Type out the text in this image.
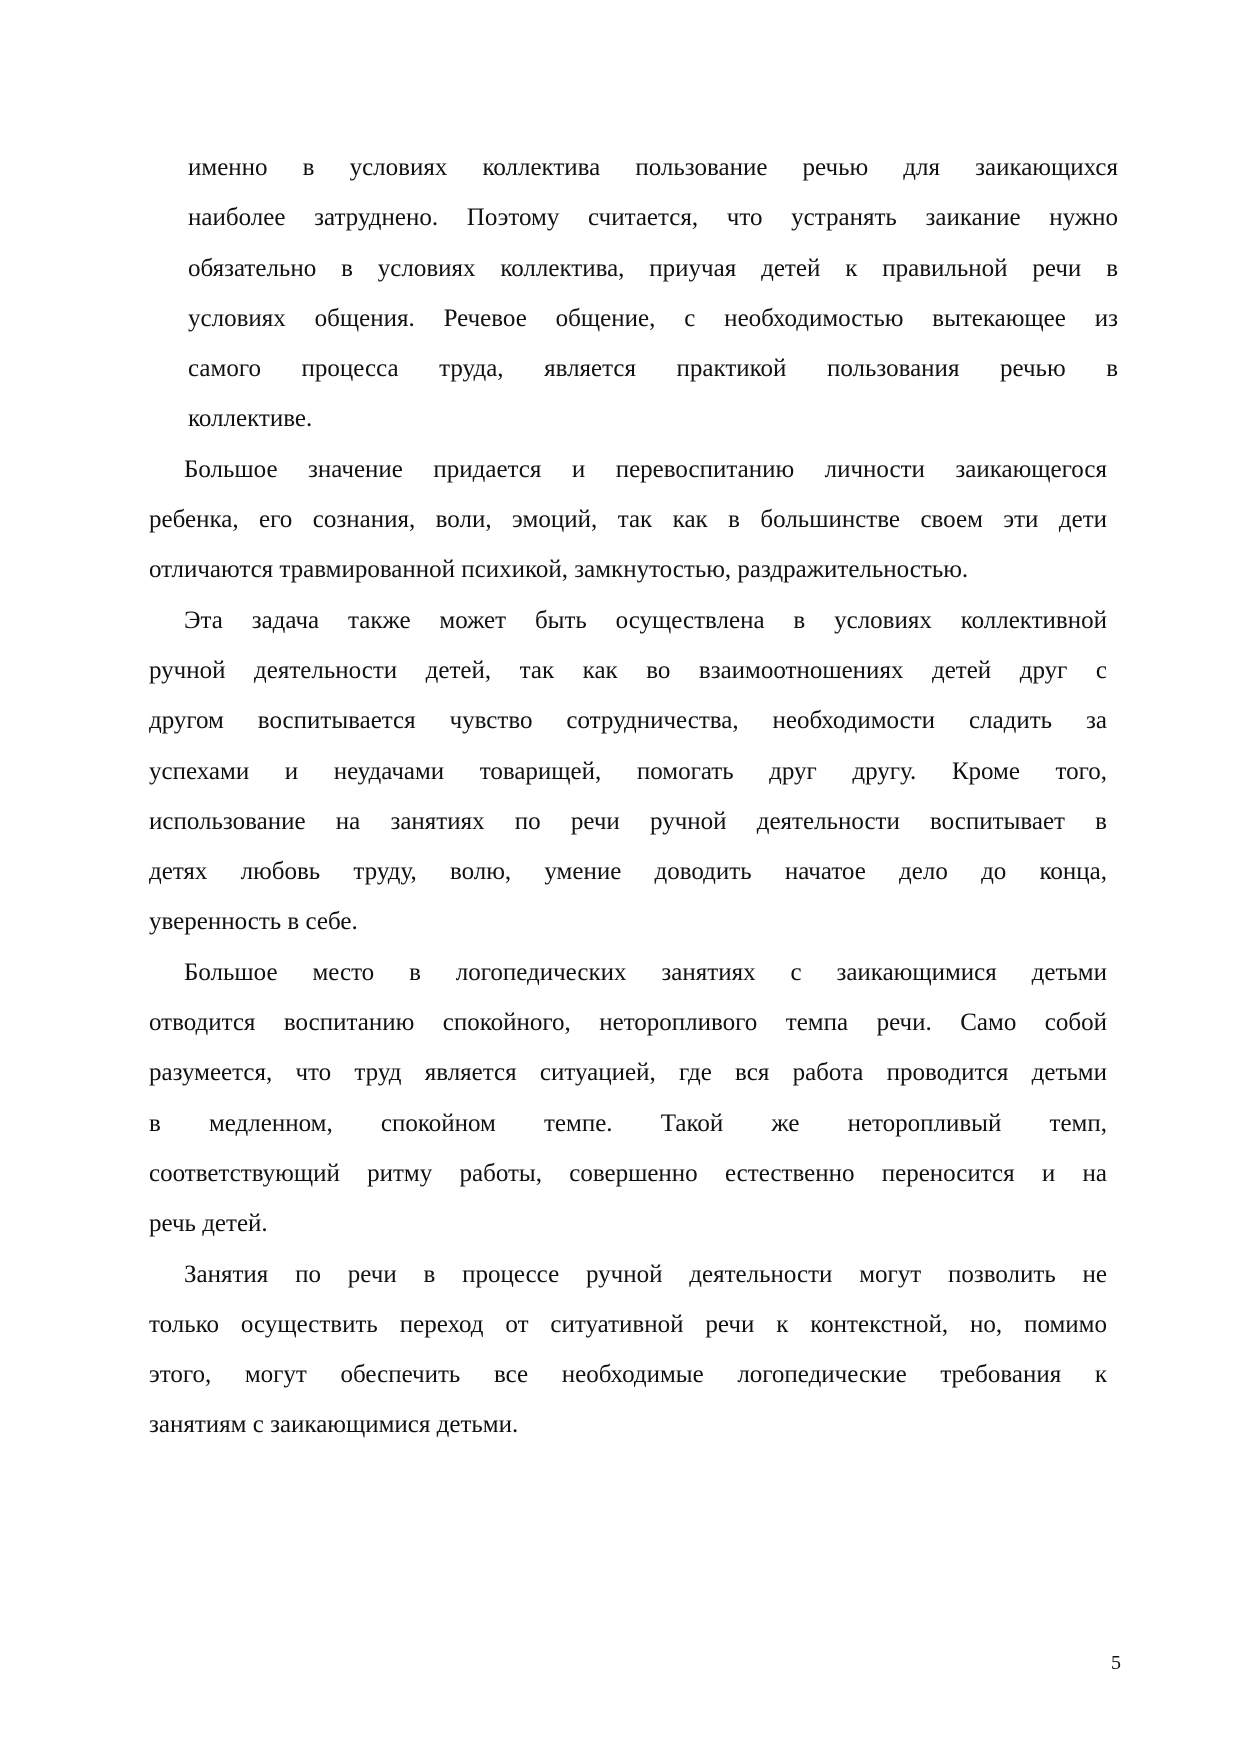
именно в условиях коллектива пользование речью для заикающихся
наиболее затруднено. Поэтому считается, что устранять заикание нужно
обязательно в условиях коллектива, приучая детей к правильной речи в
условиях общения. Речевое общение, с необходимостью вытекающее из
самого процесса труда, является практикой пользования речью в
коллективе.
Большое значение придается и перевоспитанию личности заикающегося
ребенка, его сознания, воли, эмоций, так как в большинстве своем эти дети
отличаются травмированной психикой, замкнутостью, раздражительностью.
Эта задача также может быть осуществлена в условиях коллективной
ручной деятельности детей, так как во взаимоотношениях детей друг с
другом воспитывается чувство сотрудничества, необходимости сладить за
успехами и неудачами товарищей, помогать друг другу. Кроме того,
использование на занятиях по речи ручной деятельности воспитывает в
детях любовь труду, волю, умение доводить начатое дело до конца,
уверенность в себе.
Большое место в логопедических занятиях с заикающимися детьми
отводится воспитанию спокойного, неторопливого темпа речи. Само собой
разумеется, что труд является ситуацией, где вся работа проводится детьми
в медленном, спокойном темпе. Такой же неторопливый темп,
соответствующий ритму работы, совершенно естественно переносится и на
речь детей.
Занятия по речи в процессе ручной деятельности могут позволить не
только осуществить переход от ситуативной речи к контекстной, но, помимо
этого, могут обеспечить все необходимые логопедические требования к
занятиям с заикающимися детьми.
5
